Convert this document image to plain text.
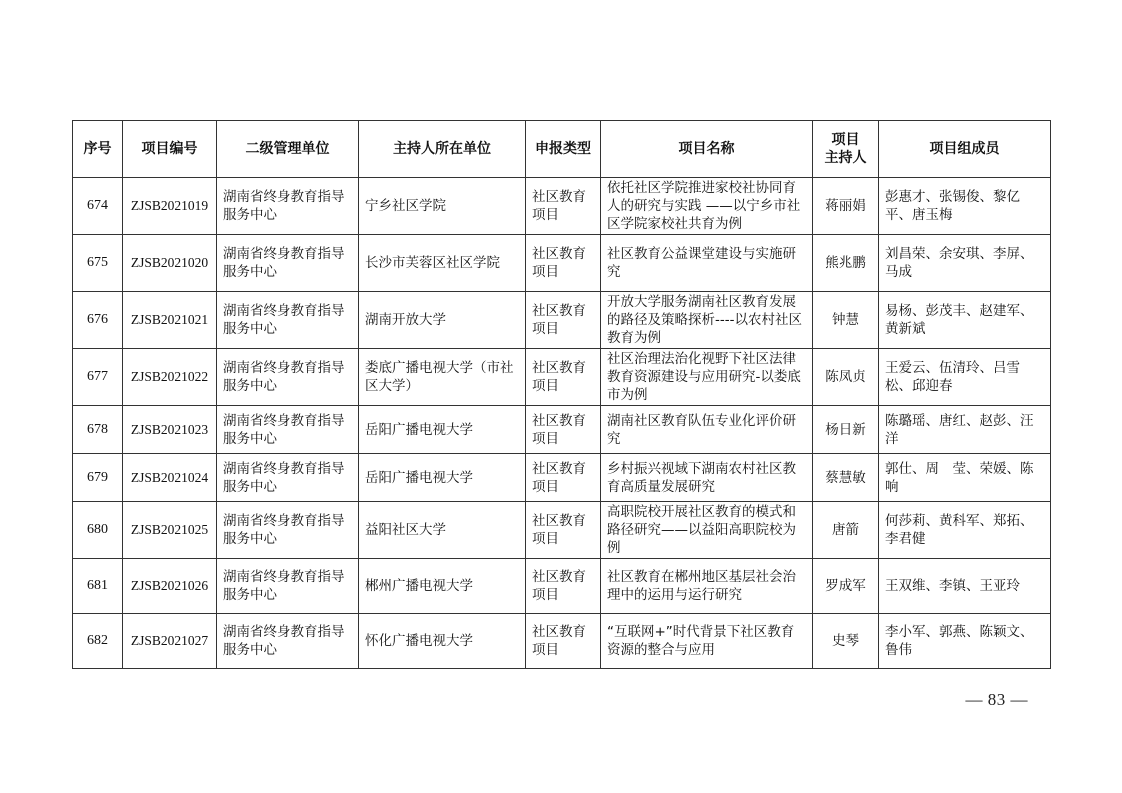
序号	项目编号	二级管理单位	主持人所在单位	申报类型	项目名称	项目
主持人	项目组成员
674	ZJSB2021019	湖南省终身教育指导服务中心	宁乡社区学院	社区教育项目	依托社区学院推进家校社协同育人的研究与实践 ——以宁乡市社区学院家校社共育为例	蒋丽娟	彭惠才、张锡俊、黎亿平、唐玉梅
675	ZJSB2021020	湖南省终身教育指导服务中心	长沙市芙蓉区社区学院	社区教育项目	社区教育公益课堂建设与实施研究	熊兆鹏	刘昌荣、余安琪、李屏、马成
676	ZJSB2021021	湖南省终身教育指导服务中心	湖南开放大学	社区教育项目	开放大学服务湖南社区教育发展的路径及策略探析----以农村社区教育为例	钟慧	易杨、彭茂丰、赵建军、黄新斌
677	ZJSB2021022	湖南省终身教育指导服务中心	娄底广播电视大学（市社区大学）	社区教育项目	社区治理法治化视野下社区法律教育资源建设与应用研究-以娄底市为例	陈凤贞	王爱云、伍清玲、吕雪松、邱迎春
678	ZJSB2021023	湖南省终身教育指导服务中心	岳阳广播电视大学	社区教育项目	湖南社区教育队伍专业化评价研究	杨日新	陈璐瑶、唐红、赵彭、汪洋
679	ZJSB2021024	湖南省终身教育指导服务中心	岳阳广播电视大学	社区教育项目	乡村振兴视域下湖南农村社区教育高质量发展研究	蔡慧敏	郭仕、周　莹、荣媛、陈响
680	ZJSB2021025	湖南省终身教育指导服务中心	益阳社区大学	社区教育项目	高职院校开展社区教育的模式和路径研究——以益阳高职院校为例	唐箭	何莎莉、黄科军、郑拓、李君健
681	ZJSB2021026	湖南省终身教育指导服务中心	郴州广播电视大学	社区教育项目	社区教育在郴州地区基层社会治理中的运用与运行研究	罗成军	王双维、李镇、王亚玲
682	ZJSB2021027	湖南省终身教育指导服务中心	怀化广播电视大学	社区教育项目	“互联网+”时代背景下社区教育资源的整合与应用	史琴	李小军、郭燕、陈颖文、鲁伟
— 83 —
